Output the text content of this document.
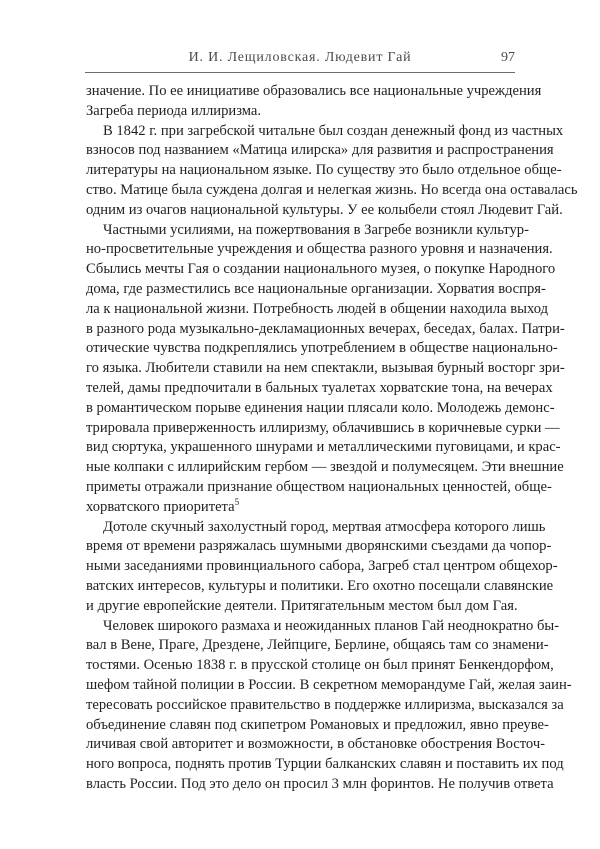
И. И. Лещиловская. Людевит Гай	97
значение. По ее инициативе образовались все национальные учреждения
Загреба периода иллиризма.
В 1842 г. при загребской читальне был создан денежный фонд из частных
взносов под названием «Матица илирска» для развития и распространения
литературы на национальном языке. По существу это было отдельное обще-
ство. Матице была суждена долгая и нелегкая жизнь. Но всегда она оставалась
одним из очагов национальной культуры. У ее колыбели стоял Людевит Гай.
Частными усилиями, на пожертвования в Загребе возникли культур-
но-просветительные учреждения и общества разного уровня и назначения.
Сбылись мечты Гая о создании национального музея, о покупке Народного
дома, где разместились все национальные организации. Хорватия воспря-
ла к национальной жизни. Потребность людей в общении находила выход
в разного рода музыкально-декламационных вечерах, беседах, балах. Патри-
отические чувства подкреплялись употреблением в обществе национально-
го языка. Любители ставили на нем спектакли, вызывая бурный восторг зри-
телей, дамы предпочитали в бальных туалетах хорватские тона, на вечерах
в романтическом порыве единения нации плясали коло. Молодежь демонс-
трировала приверженность иллиризму, облачившись в коричневые сурки —
вид сюртука, украшенного шнурами и металлическими пуговицами, и крас-
ные колпаки с иллирийским гербом — звездой и полумесяцем. Эти внешние
приметы отражали признание обществом национальных ценностей, обще-
хорватского приоритета$^5$
Дотоле скучный захолустный город, мертвая атмосфера которого лишь
время от времени разряжалась шумными дворянскими съездами да чопор-
ными заседаниями провинциального сабора, Загреб стал центром общехор-
ватских интересов, культуры и политики. Его охотно посещали славянские
и другие европейские деятели. Притягательным местом был дом Гая.
Человек широкого размаха и неожиданных планов Гай неоднократно бы-
вал в Вене, Праге, Дрездене, Лейпциге, Берлине, общаясь там со знамени-
тостями. Осенью 1838 г. в прусской столице он был принят Бенкендорфом,
шефом тайной полиции в России. В секретном меморандуме Гай, желая заин-
тересовать российское правительство в поддержке иллиризма, высказался за
объединение славян под скипетром Романовых и предложил, явно преуве-
личивая свой авторитет и возможности, в обстановке обострения Восточ-
ного вопроса, поднять против Турции балканских славян и поставить их под
власть России. Под это дело он просил 3 млн форинтов. Не получив ответа
